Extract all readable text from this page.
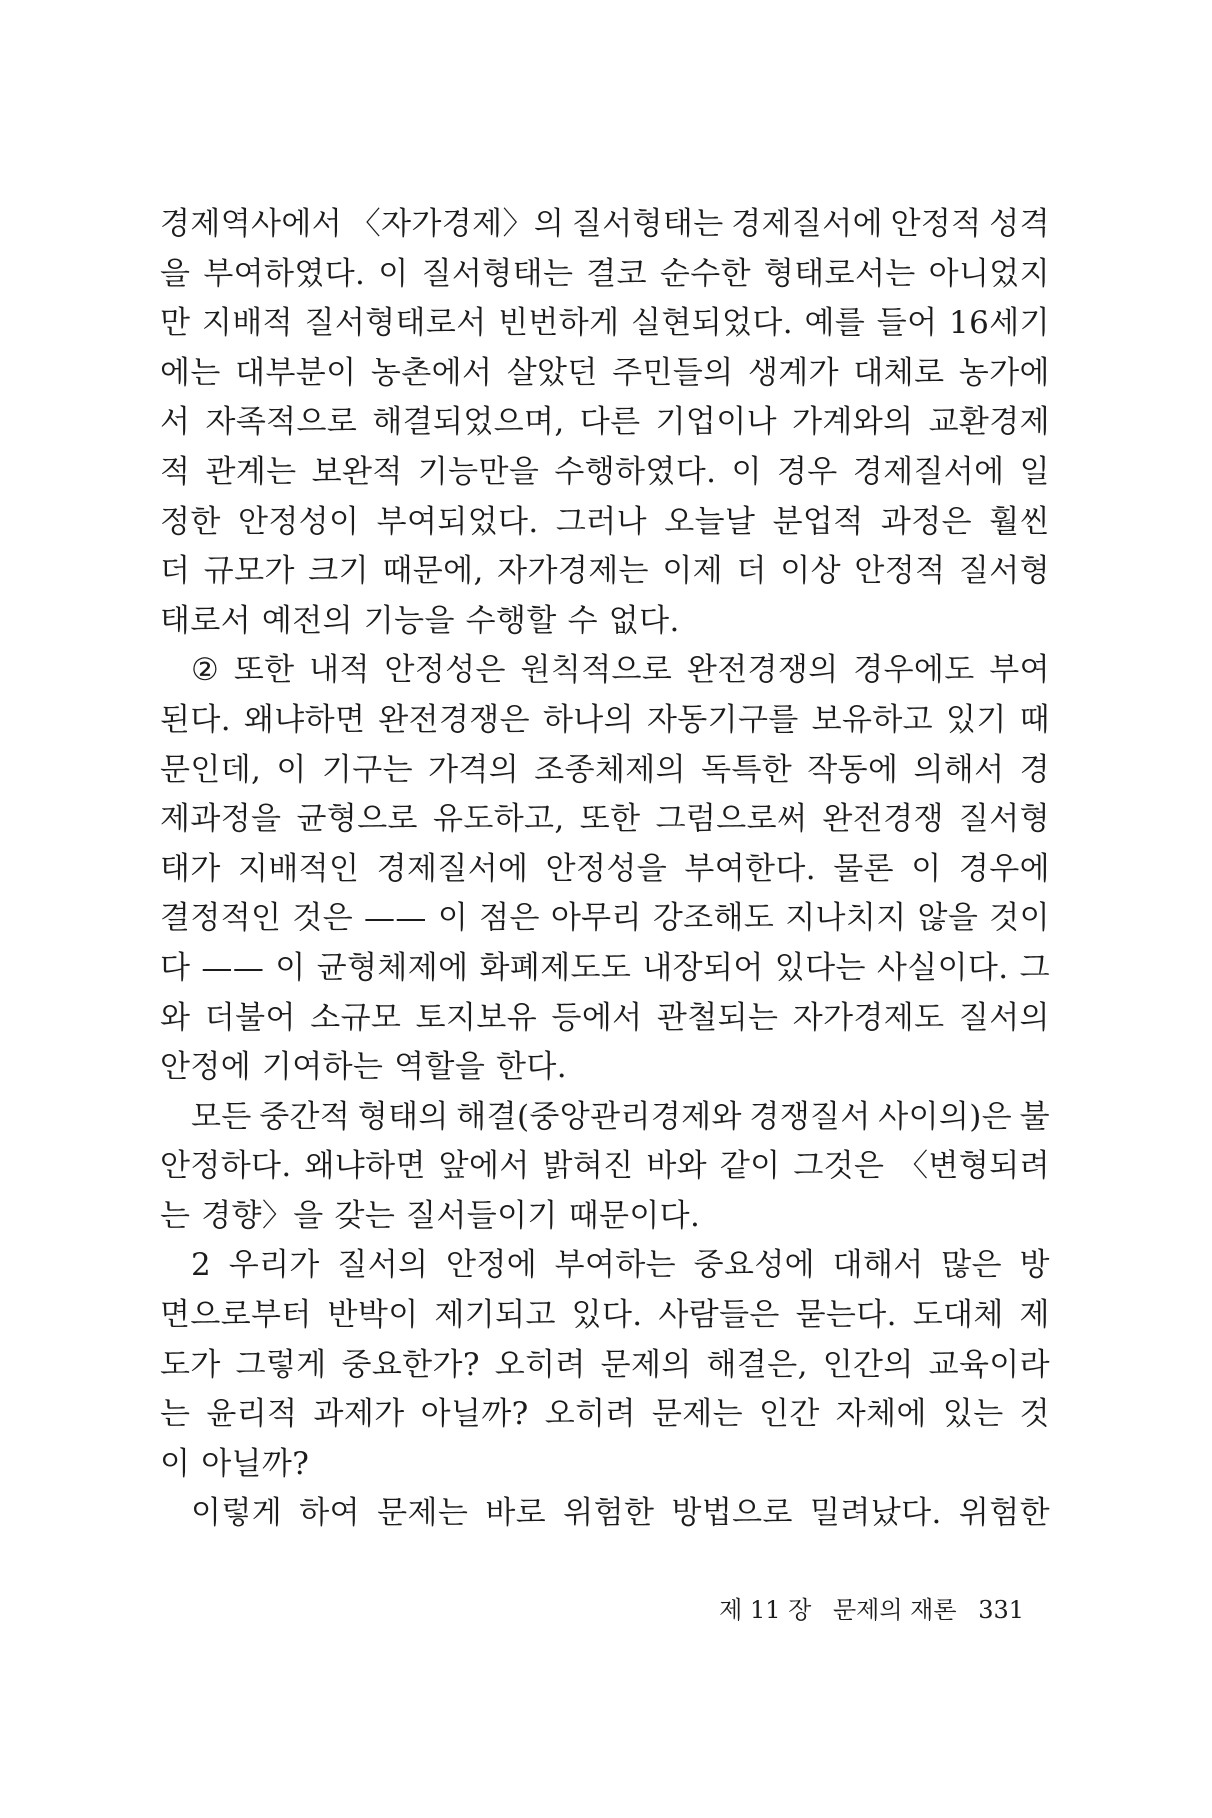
경제역사에서 〈자가경제〉의 질서형태는 경제질서에 안정적 성격
을 부여하였다. 이 질서형태는 결코 순수한 형태로서는 아니었지
만 지배적 질서형태로서 빈번하게 실현되었다. 예를 들어 16세기
에는 대부분이 농촌에서 살았던 주민들의 생계가 대체로 농가에
서 자족적으로 해결되었으며, 다른 기업이나 가계와의 교환경제
적 관계는 보완적 기능만을 수행하였다. 이 경우 경제질서에 일
정한 안정성이 부여되었다. 그러나 오늘날 분업적 과정은 훨씬
더 규모가 크기 때문에, 자가경제는 이제 더 이상 안정적 질서형
태로서 예전의 기능을 수행할 수 없다.
② 또한 내적 안정성은 원칙적으로 완전경쟁의 경우에도 부여
된다. 왜냐하면 완전경쟁은 하나의 자동기구를 보유하고 있기 때
문인데, 이 기구는 가격의 조종체제의 독특한 작동에 의해서 경
제과정을 균형으로 유도하고, 또한 그럼으로써 완전경쟁 질서형
태가 지배적인 경제질서에 안정성을 부여한다. 물론 이 경우에
결정적인 것은 —— 이 점은 아무리 강조해도 지나치지 않을 것이
다 —— 이 균형체제에 화폐제도도 내장되어 있다는 사실이다. 그
와 더불어 소규모 토지보유 등에서 관철되는 자가경제도 질서의
안정에 기여하는 역할을 한다.
모든 중간적 형태의 해결(중앙관리경제와 경쟁질서 사이의)은 불
안정하다. 왜냐하면 앞에서 밝혀진 바와 같이 그것은 〈변형되려
는 경향〉을 갖는 질서들이기 때문이다.
2 우리가 질서의 안정에 부여하는 중요성에 대해서 많은 방
면으로부터 반박이 제기되고 있다. 사람들은 묻는다. 도대체 제
도가 그렇게 중요한가? 오히려 문제의 해결은, 인간의 교육이라
는 윤리적 과제가 아닐까? 오히려 문제는 인간 자체에 있는 것
이 아닐까?
이렇게 하여 문제는 바로 위험한 방법으로 밀려났다. 위험한
제 11 장 문제의 재론 331
